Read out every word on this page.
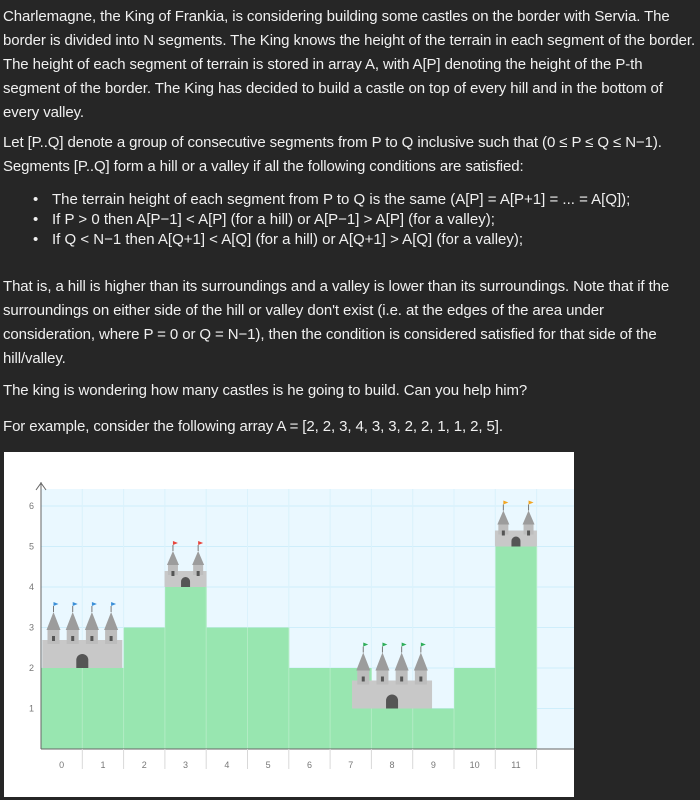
Charlemagne, the King of Frankia, is considering building some castles on the border with Servia. The border is divided into N segments. The King knows the height of the terrain in each segment of the border. The height of each segment of terrain is stored in array A, with A[P] denoting the height of the P-th segment of the border. The King has decided to build a castle on top of every hill and in the bottom of every valley.

Let [P..Q] denote a group of consecutive segments from P to Q inclusive such that (0 ≤ P ≤ Q ≤ N−1). Segments [P..Q] form a hill or a valley if all the following conditions are satisfied:

• The terrain height of each segment from P to Q is the same (A[P] = A[P+1] = ... = A[Q]);
• If P > 0 then A[P−1] < A[P] (for a hill) or A[P−1] > A[P] (for a valley);
• If Q < N−1 then A[Q+1] < A[Q] (for a hill) or A[Q+1] > A[Q] (for a valley);

That is, a hill is higher than its surroundings and a valley is lower than its surroundings. Note that if the surroundings on either side of the hill or valley don't exist (i.e. at the edges of the area under consideration, where P = 0 or Q = N−1), then the condition is considered satisfied for that side of the hill/valley.

The king is wondering how many castles is he going to build. Can you help him?

For example, consider the following array A = [2, 2, 3, 4, 3, 3, 2, 2, 1, 1, 2, 5].

0	1	2	3	4	5	6	7	8	9	10	11
1
2
3
4
5
6
